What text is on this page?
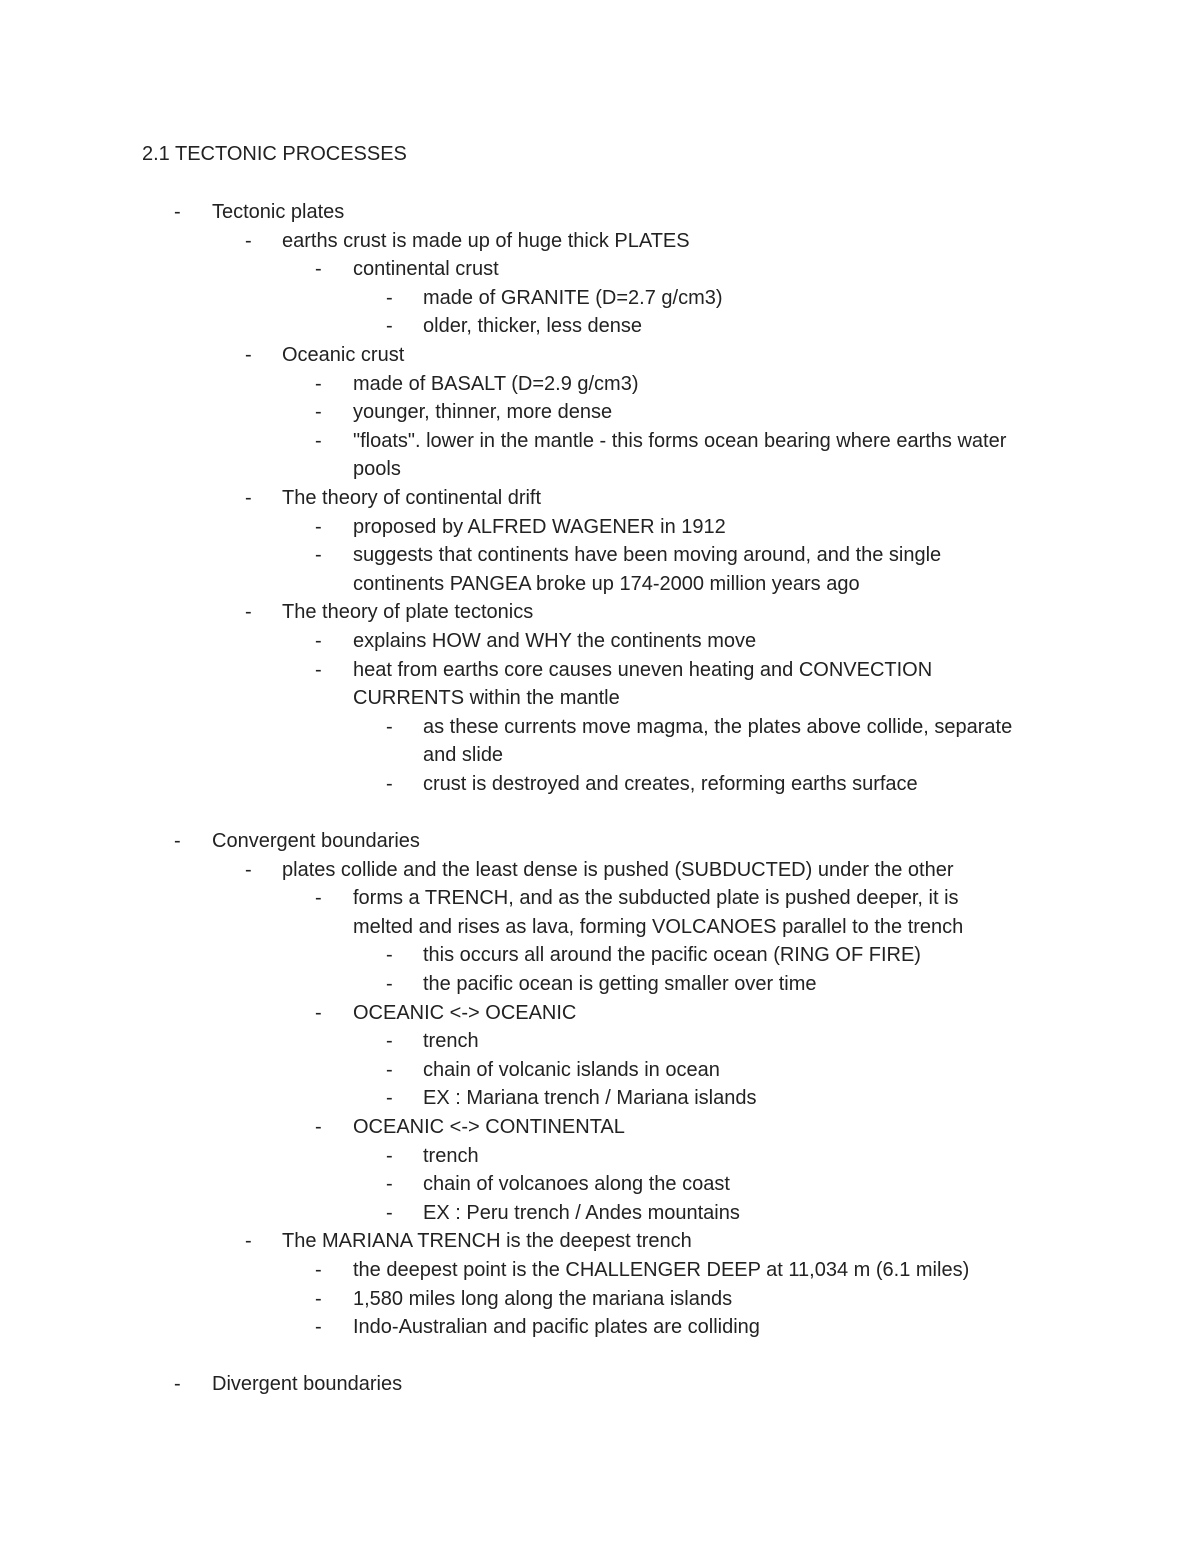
2.1 TECTONIC PROCESSES
- Tectonic plates
- earths crust is made up of huge thick PLATES
- continental crust
- made of GRANITE (D=2.7 g/cm3)
- older, thicker, less dense
- Oceanic crust
- made of BASALT (D=2.9 g/cm3)
- younger, thinner, more dense
- "floats". lower in the mantle - this forms ocean bearing where earths water
pools
- The theory of continental drift
- proposed by ALFRED WAGENER in 1912
- suggests that continents have been moving around, and the single
continents PANGEA broke up 174-2000 million years ago
- The theory of plate tectonics
- explains HOW and WHY the continents move
- heat from earths core causes uneven heating and CONVECTION
CURRENTS within the mantle
- as these currents move magma, the plates above collide, separate
and slide
- crust is destroyed and creates, reforming earths surface
- Convergent boundaries
- plates collide and the least dense is pushed (SUBDUCTED) under the other
- forms a TRENCH, and as the subducted plate is pushed deeper, it is
melted and rises as lava, forming VOLCANOES parallel to the trench
- this occurs all around the pacific ocean (RING OF FIRE)
- the pacific ocean is getting smaller over time
- OCEANIC <-> OCEANIC
- trench
- chain of volcanic islands in ocean
- EX : Mariana trench / Mariana islands
- OCEANIC <-> CONTINENTAL
- trench
- chain of volcanoes along the coast
- EX : Peru trench / Andes mountains
- The MARIANA TRENCH is the deepest trench
- the deepest point is the CHALLENGER DEEP at 11,034 m (6.1 miles)
- 1,580 miles long along the mariana islands
- Indo-Australian and pacific plates are colliding
- Divergent boundaries
